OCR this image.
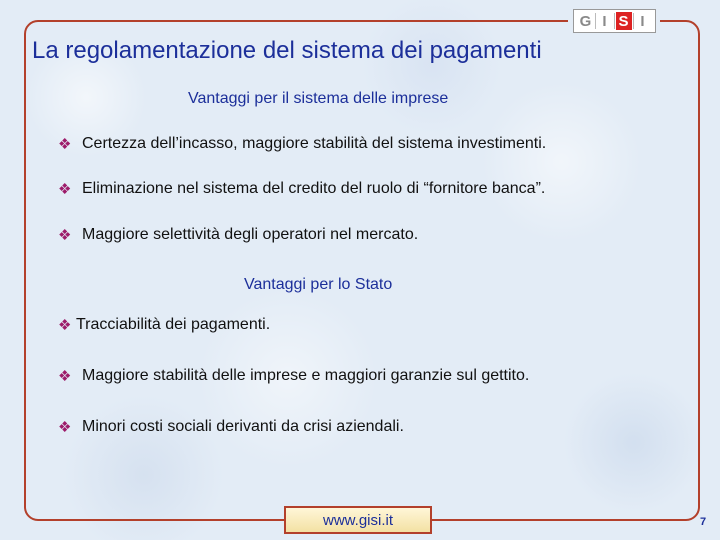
G I S I
La regolamentazione del sistema dei pagamenti
Vantaggi per il sistema delle imprese
❖ Certezza dell’incasso, maggiore stabilità del sistema investimenti.
❖ Eliminazione nel sistema del credito del ruolo di “fornitore banca”.
❖ Maggiore selettività degli operatori nel mercato.
Vantaggi per lo Stato
❖ Tracciabilità dei pagamenti.
❖ Maggiore stabilità delle imprese e maggiori garanzie sul gettito.
❖ Minori costi sociali derivanti da crisi aziendali.
www.gisi.it	7
